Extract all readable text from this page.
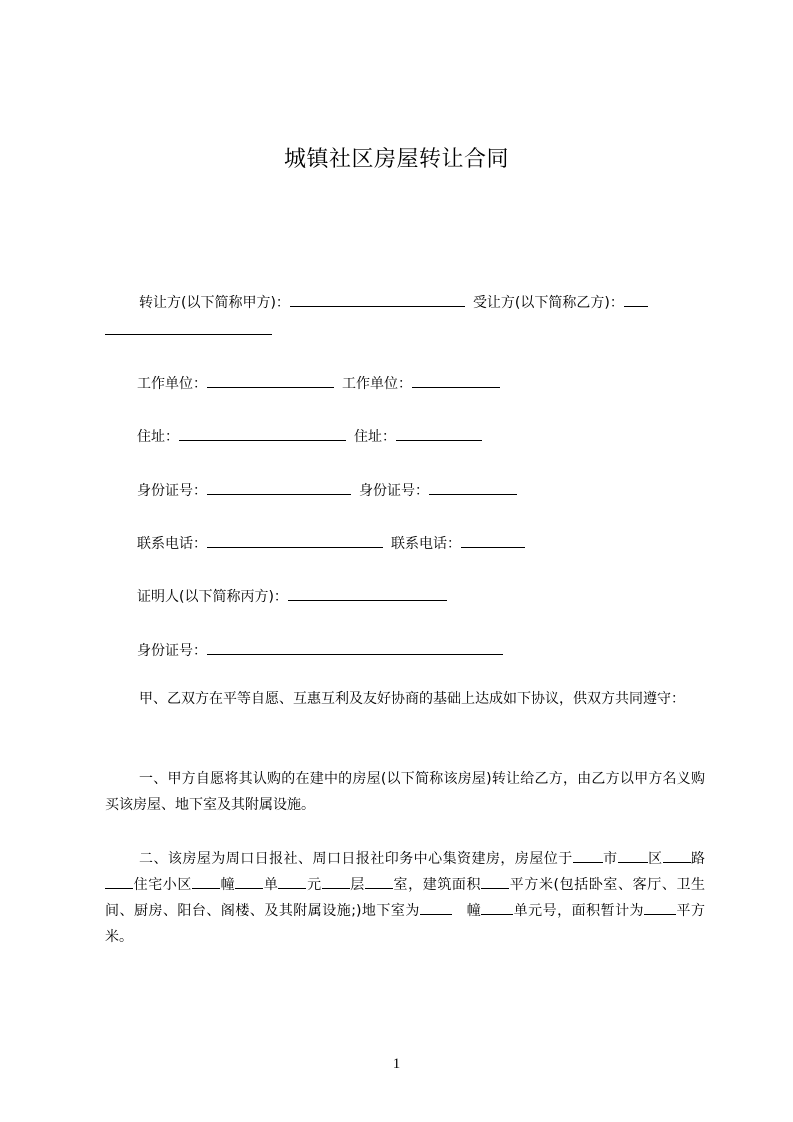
城镇社区房屋转让合同
转让方(以下简称甲方)：	受让方(以下简称乙方)：
工作单位：	工作单位：
住址：	住址：
身份证号：	身份证号：
联系电话：	联系电话：
证明人(以下简称丙方)：
身份证号：
甲、乙双方在平等自愿、互惠互利及友好协商的基础上达成如下协议，供双方共同遵守：
一、甲方自愿将其认购的在建中的房屋(以下简称该房屋)转让给乙方，由乙方以甲方名义购买该房屋、地下室及其附属设施。
二、该房屋为周口日报社、周口日报社印务中心集资建房，房屋位于 市 区 路住宅小区 幢 单 元 层 室，建筑面积 平方米(包括卧室、客厅、卫生间、厨房、阳台、阁楼、及其附属设施;)地下室为	幢 单元号，面积暂计为 平方米。
1
